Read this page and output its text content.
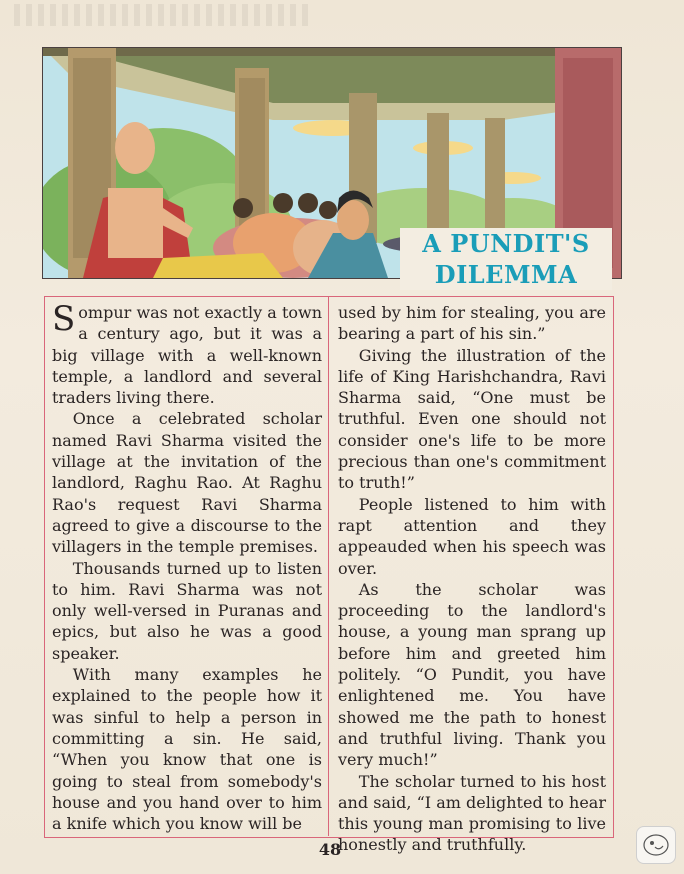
A PUNDIT'S
DILEMMA

Sompur was not exactly a town a century ago, but it was a big village with a well-known temple, a landlord and several traders living there.

Once a celebrated scholar named Ravi Sharma visited the village at the invitation of the landlord, Raghu Rao. At Raghu Rao's request Ravi Sharma agreed to give a discourse to the villagers in the temple premises.

Thousands turned up to listen to him. Ravi Sharma was not only well-versed in Puranas and epics, but also he was a good speaker.

With many examples he explained to the people how it was sinful to help a person in committing a sin. He said, “When you know that one is going to steal from somebody's house and you hand over to him a knife which you know will be

used by him for stealing, you are bearing a part of his sin.”

Giving the illustration of the life of King Harishchandra, Ravi Sharma said, “One must be truthful. Even one should not consider one's life to be more precious than one's commitment to truth!”

People listened to him with rapt attention and they appeauded when his speech was over.

As the scholar was proceeding to the landlord's house, a young man sprang up before him and greeted him politely. “O Pundit, you have enlightened me. You have showed me the path to honest and truthful living. Thank you very much!”

The scholar turned to his host and said, “I am delighted to hear this young man promising to live honestly and truthfully.

48
